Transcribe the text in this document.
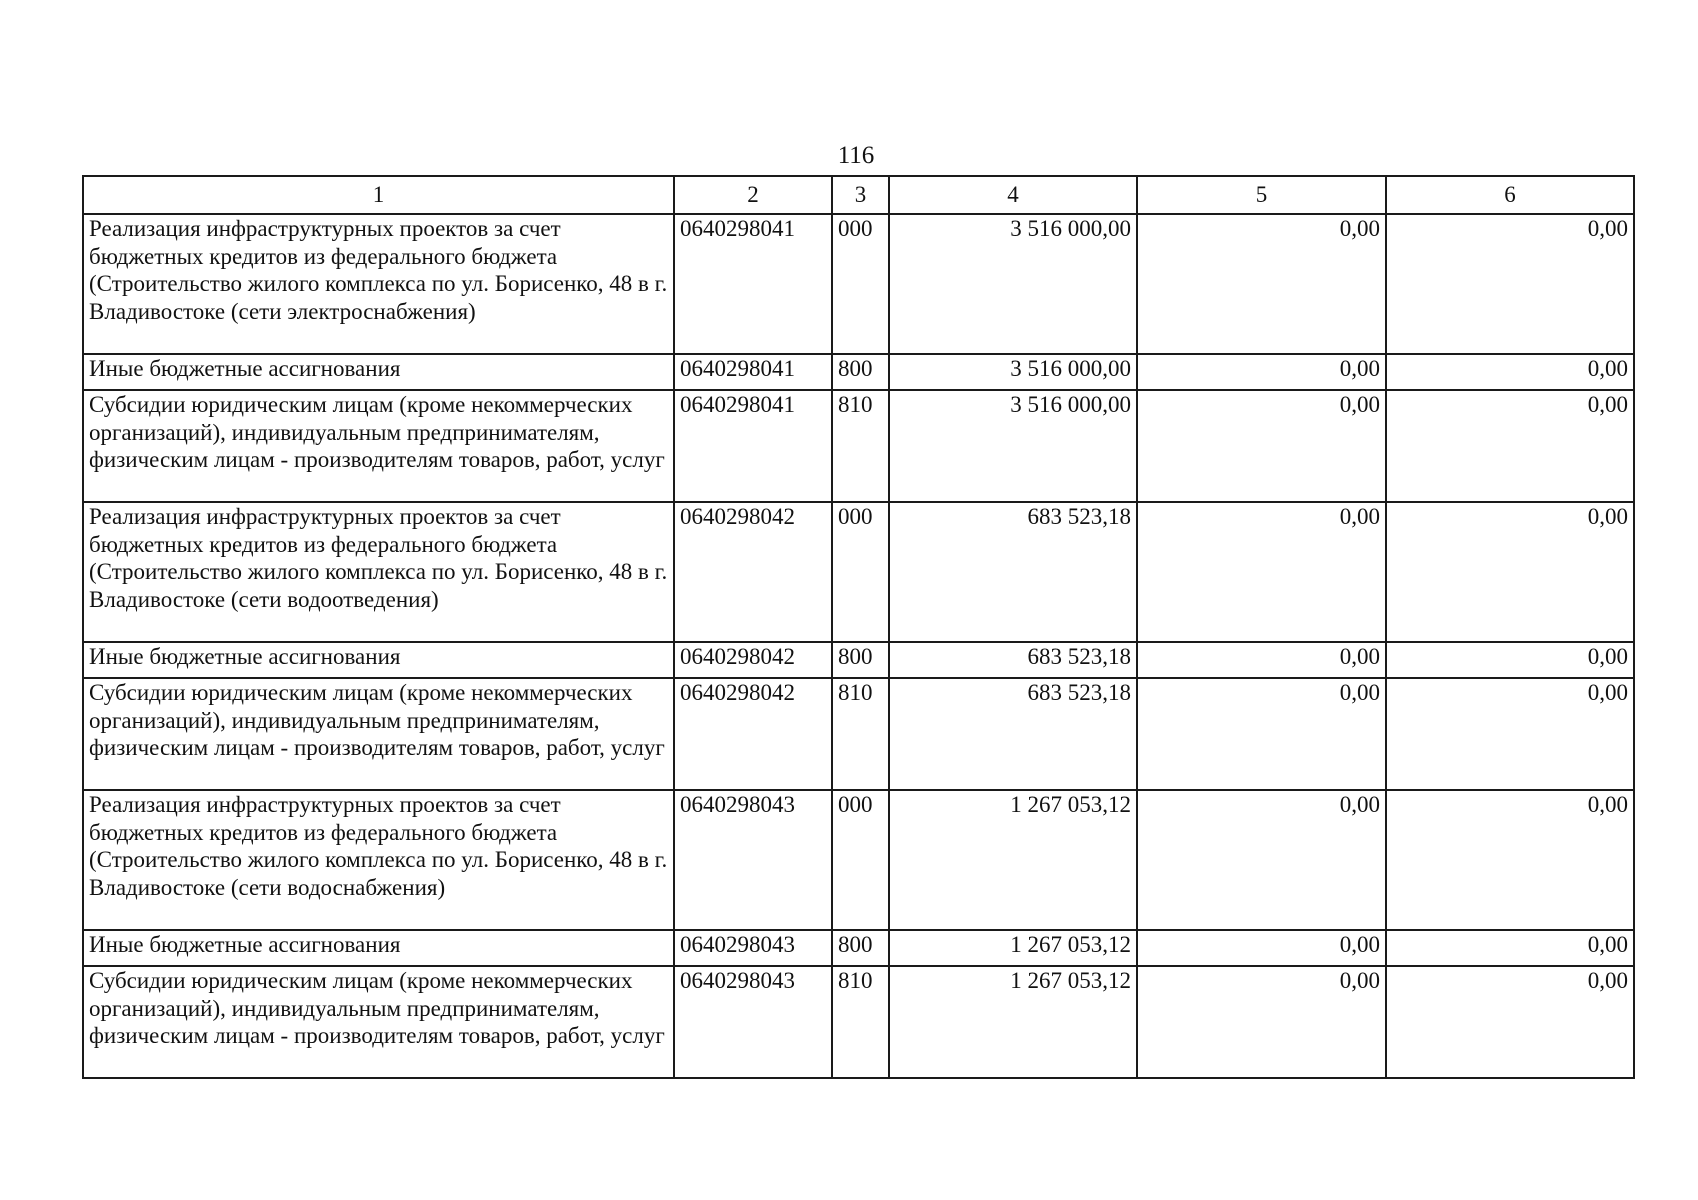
116
1	2	3	4	5	6
Реализация инфраструктурных проектов за счет бюджетных кредитов из федерального бюджета (Строительство жилого комплекса по ул. Борисенко, 48 в г. Владивостоке (сети электроснабжения)	0640298041	000	3 516 000,00	0,00	0,00
Иные бюджетные ассигнования	0640298041	800	3 516 000,00	0,00	0,00
Субсидии юридическим лицам (кроме некоммерческих организаций), индивидуальным предпринимателям, физическим лицам - производителям товаров, работ, услуг	0640298041	810	3 516 000,00	0,00	0,00
Реализация инфраструктурных проектов за счет бюджетных кредитов из федерального бюджета (Строительство жилого комплекса по ул. Борисенко, 48 в г. Владивостоке (сети водоотведения)	0640298042	000	683 523,18	0,00	0,00
Иные бюджетные ассигнования	0640298042	800	683 523,18	0,00	0,00
Субсидии юридическим лицам (кроме некоммерческих организаций), индивидуальным предпринимателям, физическим лицам - производителям товаров, работ, услуг	0640298042	810	683 523,18	0,00	0,00
Реализация инфраструктурных проектов за счет бюджетных кредитов из федерального бюджета (Строительство жилого комплекса по ул. Борисенко, 48 в г. Владивостоке (сети водоснабжения)	0640298043	000	1 267 053,12	0,00	0,00
Иные бюджетные ассигнования	0640298043	800	1 267 053,12	0,00	0,00
Субсидии юридическим лицам (кроме некоммерческих организаций), индивидуальным предпринимателям, физическим лицам - производителям товаров, работ, услуг	0640298043	810	1 267 053,12	0,00	0,00
